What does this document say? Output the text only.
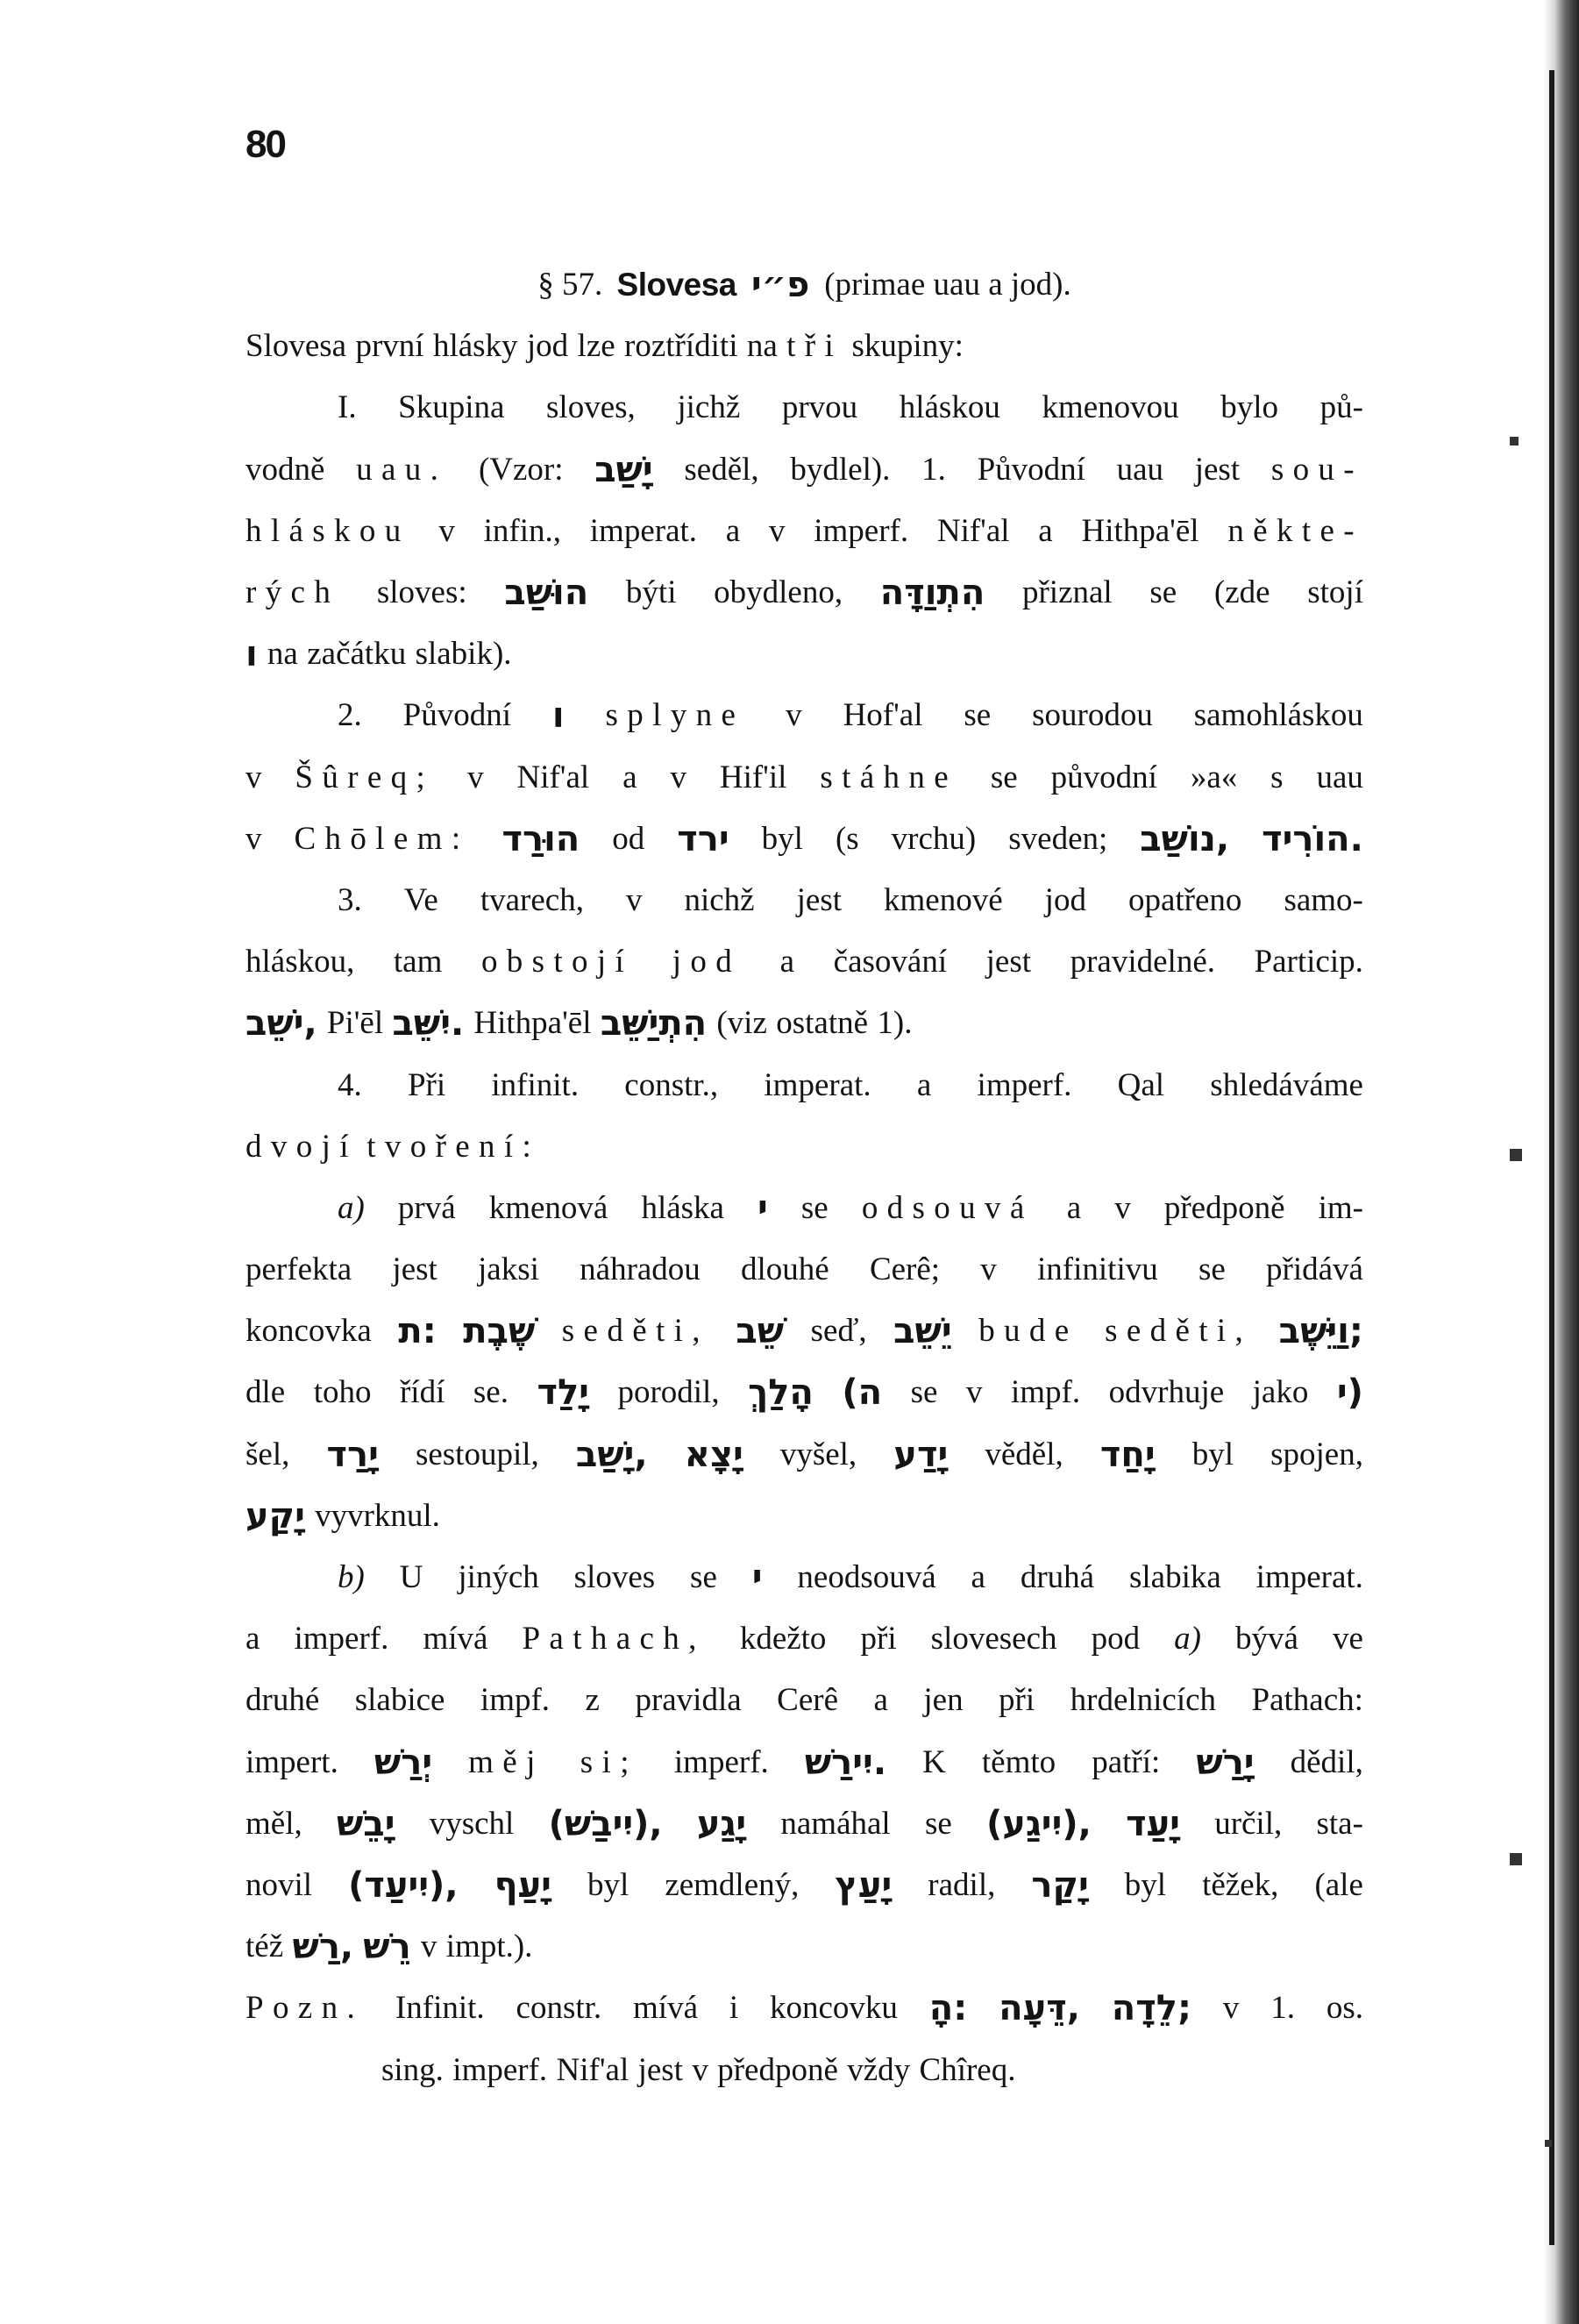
80
§ 57. Slovesa פ״י (primae uau a jod).
Slovesa první hlásky jod lze roztříditi na tři skupiny:
I. Skupina sloves, jichž prvou hláskou kmenovou bylo pů-
vodně uau. (Vzor: יָשַׁב seděl, bydlel). 1. Původní uau jest sou-
hláskou v infin., imperat. a v imperf. Nif'al a Hithpa'ēl někte-
rých sloves: הוּשַׁב býti obydleno, הִתְוַדָּה přiznal se (zde stojí
ו na začátku slabik).
2. Původní ו splyne v Hof'al se sourodou samohláskou
v Šûreq; v Nif'al a v Hif'il stáhne se původní »a« s uau
v Chōlem: הוּרַד od ירד byl (s vrchu) sveden; נוֹשַׁב, הוֹרִיד.
3. Ve tvarech, v nichž jest kmenové jod opatřeno samo-
hláskou, tam obstojí jod a časování jest pravidelné. Particip.
יֹשֵׁב, Pi'ēl יִשֵּׁב. Hithpa'ēl הִתְיַשֵּׁב (viz ostatně 1).
4. Při infinit. constr., imperat. a imperf. Qal shledáváme
dvojí tvoření:
a) prvá kmenová hláska י se odsouvá a v předponě im-
perfekta jest jaksi náhradou dlouhé Cerê; v infinitivu se přidává
koncovka ת: שֶׁבֶת seděti, שֵׁב seď, יֵשֵׁב bude seděti, וַיֵּשֶׁב;
dle toho řídí se. יָלַד porodil, הָלַךְ (ה se v impf. odvrhuje jako י)
šel, יָרַד sestoupil, יָשַׁב, יָצָא vyšel, יָדַע věděl, יָחַד byl spojen,
יָקַע vyvrknul.
b) U jiných sloves se י neodsouvá a druhá slabika imperat.
a imperf. mívá Pathach, kdežto při slovesech pod a) bývá ve
druhé slabice impf. z pravidla Cerê a jen při hrdelnicích Pathach:
impert. יְרַשׁ měj si; imperf. יִירַשׁ. K těmto patří: יָרַשׁ dědil,
měl, יָבֵשׁ vyschl (יִיבַשׁ), יָגַע namáhal se (יִיגַע), יָעַד určil, sta-
novil (יִיעַד), יָעַף byl zemdlený, יָעַץ radil, יָקַר byl těžek, (ale
též רַשׁ, רֵשׁ v impt.).
Pozn. Infinit. constr. mívá i koncovku ָה: דֵּעָה, לֵדָה; v 1. os.
sing. imperf. Nif'al jest v předponě vždy Chîreq.
